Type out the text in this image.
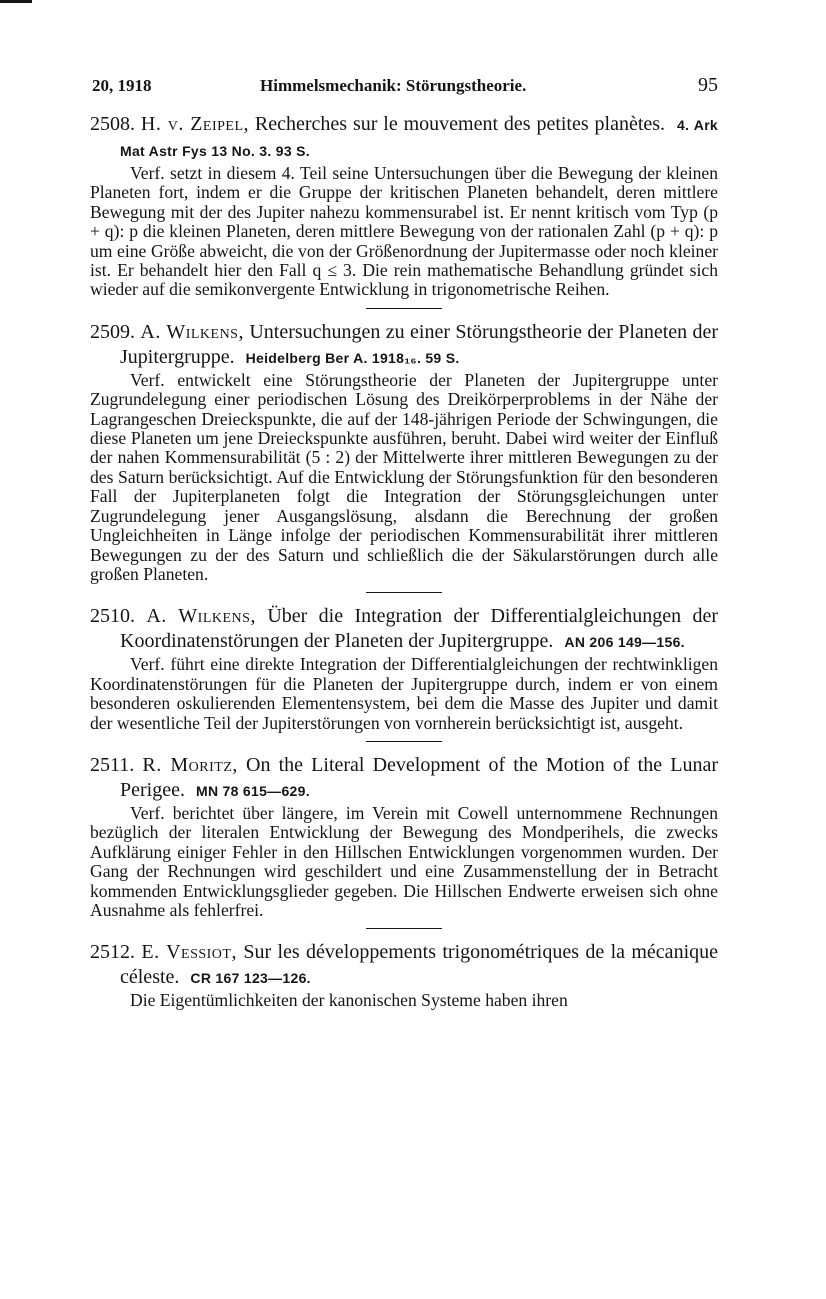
20, 1918	Himmelsmechanik: Störungstheorie.	95
2508. H. v. Zeipel, Recherches sur le mouvement des petites planètes. 4. Ark Mat Astr Fys 13 No. 3. 93 S.

Verf. setzt in diesem 4. Teil seine Untersuchungen über die Bewegung der kleinen Planeten fort, indem er die Gruppe der kritischen Planeten behandelt, deren mittlere Bewegung mit der des Jupiter nahezu kommensurabel ist. Er nennt kritisch vom Typ (p + q): p die kleinen Planeten, deren mittlere Bewegung von der rationalen Zahl (p + q): p um eine Größe abweicht, die von der Größenordnung der Jupitermasse oder noch kleiner ist. Er behandelt hier den Fall q ≤ 3. Die rein mathematische Behandlung gründet sich wieder auf die semikonvergente Entwicklung in trigonometrische Reihen.

2509. A. Wilkens, Untersuchungen zu einer Störungstheorie der Planeten der Jupitergruppe. Heidelberg Ber A. 1918₁₆. 59 S.

Verf. entwickelt eine Störungstheorie der Planeten der Jupitergruppe unter Zugrundelegung einer periodischen Lösung des Dreikörperproblems in der Nähe der Lagrangeschen Dreieckspunkte, die auf der 148-jährigen Periode der Schwingungen, die diese Planeten um jene Dreieckspunkte ausführen, beruht. Dabei wird weiter der Einfluß der nahen Kommensurabilität (5 : 2) der Mittelwerte ihrer mittleren Bewegungen zu der des Saturn berücksichtigt. Auf die Entwicklung der Störungsfunktion für den besonderen Fall der Jupiterplaneten folgt die Integration der Störungsgleichungen unter Zugrundelegung jener Ausgangslösung, alsdann die Berechnung der großen Ungleichheiten in Länge infolge der periodischen Kommensurabilität ihrer mittleren Bewegungen zu der des Saturn und schließlich die der Säkularstörungen durch alle großen Planeten.

2510. A. Wilkens, Über die Integration der Differentialgleichungen der Koordinatenstörungen der Planeten der Jupitergruppe. AN 206 149—156.

Verf. führt eine direkte Integration der Differentialgleichungen der rechtwinkligen Koordinatenstörungen für die Planeten der Jupitergruppe durch, indem er von einem besonderen oskulierenden Elementensystem, bei dem die Masse des Jupiter und damit der wesentliche Teil der Jupiterstörungen von vornherein berücksichtigt ist, ausgeht.

2511. R. Moritz, On the Literal Development of the Motion of the Lunar Perigee. MN 78 615—629.

Verf. berichtet über längere, im Verein mit Cowell unternommene Rechnungen bezüglich der literalen Entwicklung der Bewegung des Mondperihels, die zwecks Aufklärung einiger Fehler in den Hillschen Entwicklungen vorgenommen wurden. Der Gang der Rechnungen wird geschildert und eine Zusammenstellung der in Betracht kommenden Entwicklungsglieder gegeben. Die Hillschen Endwerte erweisen sich ohne Ausnahme als fehlerfrei.

2512. E. Vessiot, Sur les développements trigonométriques de la mécanique céleste. CR 167 123—126.

Die Eigentümlichkeiten der kanonischen Systeme haben ihren
